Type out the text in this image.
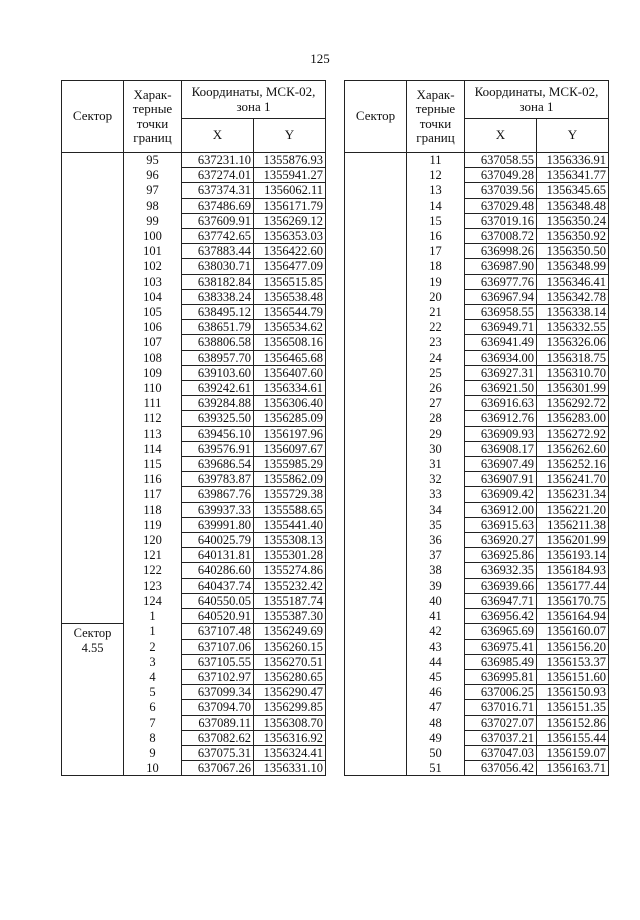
125
Сектор	Харак-терные точки границ	Координаты, МСК-02, зона 1	
		X	Y
	95	637231.10	1355876.93
	96	637274.01	1355941.27
	97	637374.31	1356062.11
	98	637486.69	1356171.79
	99	637609.91	1356269.12
	100	637742.65	1356353.03
	101	637883.44	1356422.60
	102	638030.71	1356477.09
	103	638182.84	1356515.85
	104	638338.24	1356538.48
	105	638495.12	1356544.79
	106	638651.79	1356534.62
	107	638806.58	1356508.16
	108	638957.70	1356465.68
	109	639103.60	1356407.60
	110	639242.61	1356334.61
	111	639284.88	1356306.40
	112	639325.50	1356285.09
	113	639456.10	1356197.96
	114	639576.91	1356097.67
	115	639686.54	1355985.29
	116	639783.87	1355862.09
	117	639867.76	1355729.38
	118	639937.33	1355588.65
	119	639991.80	1355441.40
	120	640025.79	1355308.13
	121	640131.81	1355301.28
	122	640286.60	1355274.86
	123	640437.74	1355232.42
	124	640550.05	1355187.74
	1	640520.91	1355387.30
Сектор 4.55	1	637107.48	1356249.69
	2	637107.06	1356260.15
	3	637105.55	1356270.51
	4	637102.97	1356280.65
	5	637099.34	1356290.47
	6	637094.70	1356299.85
	7	637089.11	1356308.70
	8	637082.62	1356316.92
	9	637075.31	1356324.41
	10	637067.26	1356331.10
Сектор	Харак-терные точки границ	Координаты, МСК-02, зона 1	
		X	Y
	11	637058.55	1356336.91
	12	637049.28	1356341.77
	13	637039.56	1356345.65
	14	637029.48	1356348.48
	15	637019.16	1356350.24
	16	637008.72	1356350.92
	17	636998.26	1356350.50
	18	636987.90	1356348.99
	19	636977.76	1356346.41
	20	636967.94	1356342.78
	21	636958.55	1356338.14
	22	636949.71	1356332.55
	23	636941.49	1356326.06
	24	636934.00	1356318.75
	25	636927.31	1356310.70
	26	636921.50	1356301.99
	27	636916.63	1356292.72
	28	636912.76	1356283.00
	29	636909.93	1356272.92
	30	636908.17	1356262.60
	31	636907.49	1356252.16
	32	636907.91	1356241.70
	33	636909.42	1356231.34
	34	636912.00	1356221.20
	35	636915.63	1356211.38
	36	636920.27	1356201.99
	37	636925.86	1356193.14
	38	636932.35	1356184.93
	39	636939.66	1356177.44
	40	636947.71	1356170.75
	41	636956.42	1356164.94
	42	636965.69	1356160.07
	43	636975.41	1356156.20
	44	636985.49	1356153.37
	45	636995.81	1356151.60
	46	637006.25	1356150.93
	47	637016.71	1356151.35
	48	637027.07	1356152.86
	49	637037.21	1356155.44
	50	637047.03	1356159.07
	51	637056.42	1356163.71
